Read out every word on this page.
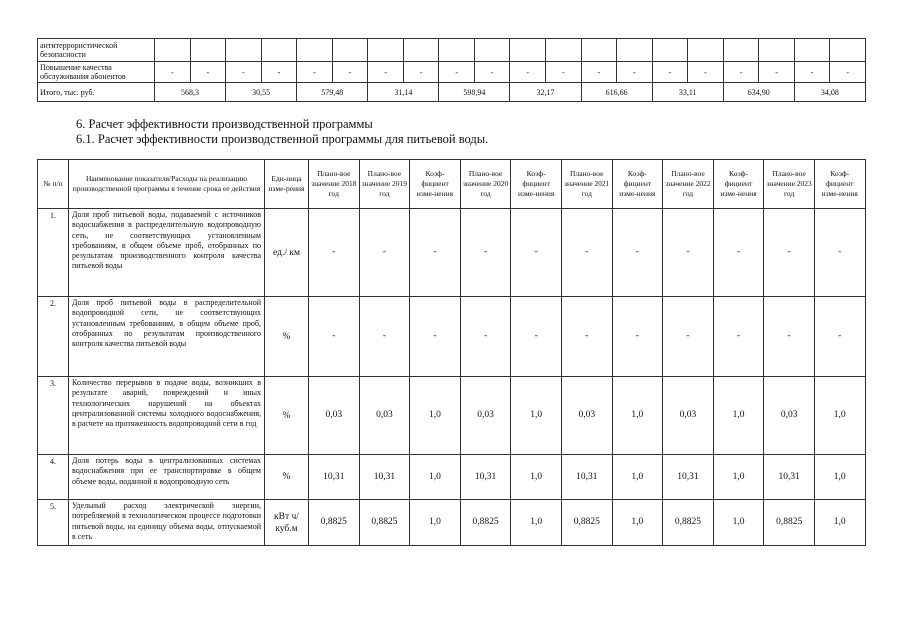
антитеррористической безопасности																				
Повышение качества обслуживания абонентов	-	-	-	-	-	-	-	-	-	-	-	-	-	-	-	-	-	-	-	-
Итого, тыс. руб.	568,3		30,55		579,48		31,14		598,94		32,17		616,66		33,11		634,90		34,08	
6. Расчет эффективности производственной программы
6.1. Расчет эффективности производственной программы для питьевой воды.
№ п/п	Наименование показателя/Расходы на реализацию производственной программы в течение срока ее действия	Еди-ница изме-рения	Плано-вое значение 2018 год	Плано-вое значение 2019 год	Коэф-фициент изме-нения	Плано-вое значение 2020 год	Коэф-фициент изме-нения	Плано-вое значение 2021 год	Коэф-фициент изме-нения	Плано-вое значение 2022 год	Коэф-фициент изме-нения	Плано-вое значение 2023 год	Коэф-фициент изме-нения
1.	Доля проб питьевой воды, подаваемой с источников водоснабжения в распределительную водопроводную сеть, не соответствующих установленным требованиям, в общем объеме проб, отобранных по результатам производственного контроля качества питьевой воды	ед./ км	-	-	-	-	-	-	-	-	-	-	-
2.	Доля проб питьевой воды в распределительной водопроводной сети, не соответствующих установленным требованиям, в общем объеме проб, отобранных по результатам производственного контроля качества питьевой воды	%	-	-	-	-	-	-	-	-	-	-	-
3.	Количество перерывов в подаче воды, возникших в результате аварий, повреждений и иных технологических нарушений на объектах централизованной системы холодного водоснабжения, в расчете на протяженность водопроводной сети в год	%	0,03	0,03	1,0	0,03	1,0	0,03	1,0	0,03	1,0	0,03	1,0
4.	Доля потерь воды в централизованных системах водоснабжения при ее транспортировке в общем объеме воды, поданной в водопроводную сеть	%	10,31	10,31	1,0	10,31	1,0	10,31	1,0	10,31	1,0	10,31	1,0
5.	Удельный расход электрической энергии, потребляемой в технологическом процессе подготовки питьевой воды, на единицу объема воды, отпускаемой в сеть	кВт ч/куб.м	0,8825	0,8825	1,0	0,8825	1,0	0,8825	1,0	0,8825	1,0	0,8825	1,0
